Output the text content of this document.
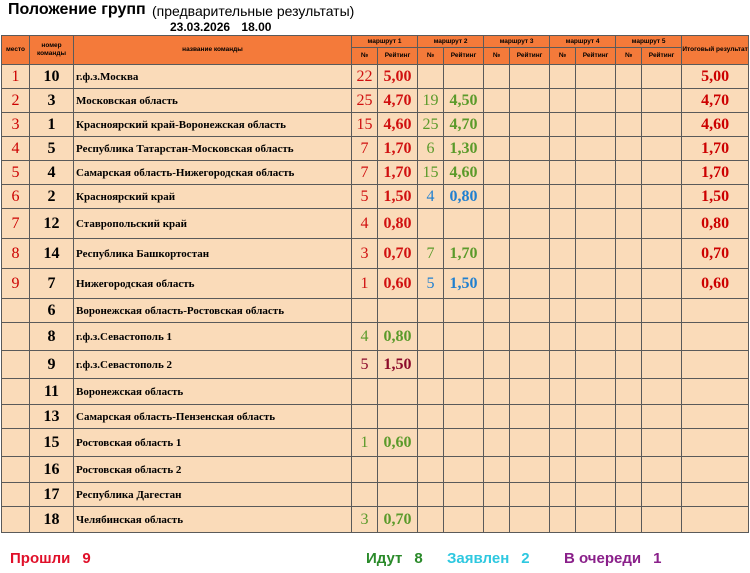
Положение групп (предварительные результаты)
23.03.2026 18.00
место	номер команды	название команды	маршрут 1		маршрут 2		маршрут 3		маршрут 4		маршрут 5		Итоговый результат
			№	Рейтинг	№	Рейтинг	№	Рейтинг	№	Рейтинг	№	Рейтинг	
1	10	г.ф.з.Москва	22	5,00									5,00
2	3	Московская область	25	4,70	19	4,50							4,70
3	1	Красноярский край-Воронежская область	15	4,60	25	4,70							4,60
4	5	Республика Татарстан-Московская область	7	1,70	6	1,30							1,70
5	4	Самарская область-Нижегородская область	7	1,70	15	4,60							1,70
6	2	Красноярский край	5	1,50	4	0,80							1,50
7	12	Ставропольский край	4	0,80									0,80
8	14	Республика Башкортостан	3	0,70	7	1,70							0,70
9	7	Нижегородская область	1	0,60	5	1,50							0,60
	6	Воронежская область-Ростовская область											
	8	г.ф.з.Севастополь 1	4	0,80									
	9	г.ф.з.Севастополь 2	5	1,50									
	11	Воронежская область											
	13	Самарская область-Пензенская область											
	15	Ростовская область 1	1	0,60									
	16	Ростовская область 2											
	17	Республика Дагестан											
	18	Челябинская область	3	0,70									
Прошли 9	Идут 8 Заявлен 2 В очереди 1
